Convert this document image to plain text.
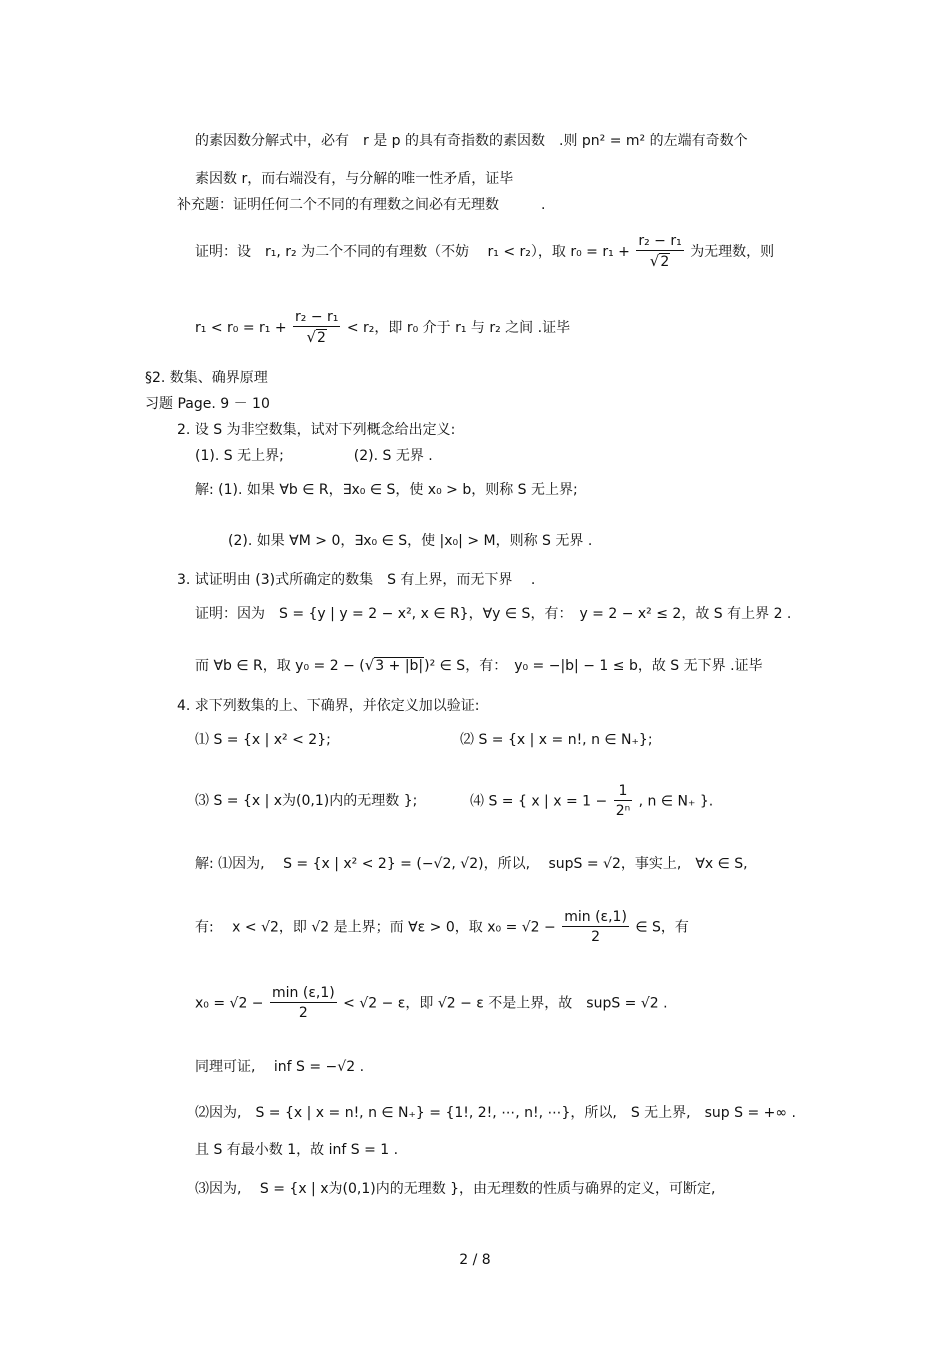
的素因数分解式中，必有　r 是 p 的具有奇指数的素因数　.则 pn² = m² 的左端有奇数个
素因数 r，而右端没有，与分解的唯一性矛盾，证毕
补充题：证明任何二个不同的有理数之间必有无理数　　　.
证明：设　r₁, r₂ 为二个不同的有理数（不妨　 r₁ < r₂），取 $r_0 = r_1 + \frac{\text{r₂ − r₁}}{√2}$ 为无理数，则
$r_1 < r_0 = r_1 + \frac{\text{r₂ − r₁}}{√2} < r_2$，即 r₀ 介于 r₁ 与 r₂ 之间 .证毕
§2. 数集、确界原理
习题 Page. 9 － 10
2. 设 S 为非空数集，试对下列概念给出定义:
(1). S 无上界;　　　　　(2). S 无界 .
解: (1). 如果 ∀b ∈ R，∃x₀ ∈ S，使 x₀ > b，则称 S 无上界;
(2). 如果 ∀M > 0，∃x₀ ∈ S，使 |x₀| > M，则称 S 无界 .
3. 试证明由 (3)式所确定的数集　S 有上界，而无下界　 .
证明：因为　S = {y | y = 2 − x², x ∈ R}，∀y ∈ S，有：　y = 2 − x² ≤ 2，故 S 有上界 2 .
而 ∀b ∈ R，取 y₀ = 2 − (√3 + |b|)² ∈ S，有：　y₀ = −|b| − 1 ≤ b，故 S 无下界 .证毕
4. 求下列数集的上、下确界，并依定义加以验证:
⑴ S = {x | x² < 2};	⑵ S = {x | x = n!, n ∈ N₊};
⑶ S = {x | x为(0,1)内的无理数 };	⑷ S = { x | $x = 1 - \frac{1}{\text{2ⁿ}}$ , n ∈ N₊ }.
解: ⑴因为,　 S = {x | x² < 2} = (−√2, √2)，所以,　 supS = √2，事实上,　∀x ∈ S,
有:　 x < √2，即 √2 是上界；而 ∀ε > 0，取 $x_0 = √2 - \frac{\min (\varepsilon,1)}{2}$ ∈ S，有
$x_0 = √2 - \frac{\min (\varepsilon,1)}{2} < √2 - \varepsilon$，即 √2 − ε 不是上界，故　supS = √2 .
同理可证,　 inf S = −√2 .
⑵因为,　S = {x | x = n!, n ∈ N₊} = {1!, 2!, ⋯, n!, ⋯}，所以,　S 无上界,　sup S = +∞ .
且 S 有最小数 1，故 inf S = 1 .
⑶因为,　 S = {x | x为(0,1)内的无理数 }，由无理数的性质与确界的定义，可断定,
2 / 8
